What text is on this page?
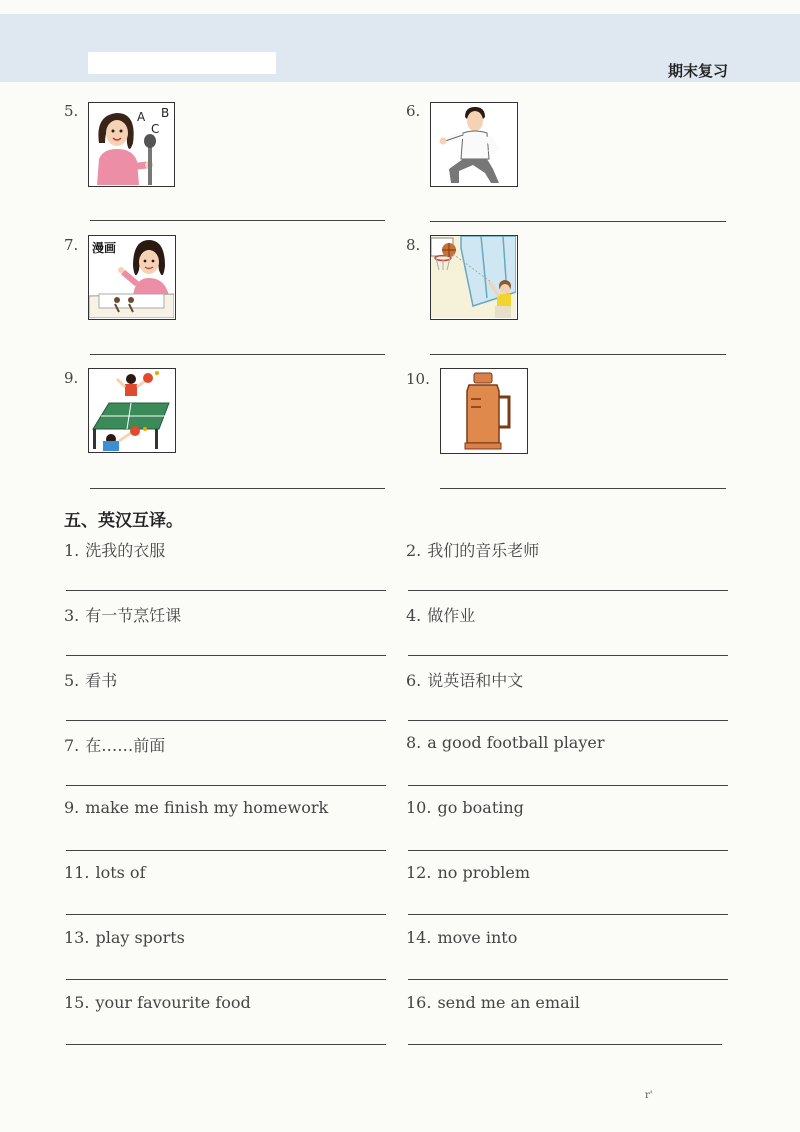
期末复习
5.	A B
C
6.
7. 漫画	8.
9.	10.
五、英汉互译。
1. 洗我的衣服	2. 我们的音乐老师
3. 有一节烹饪课	4. 做作业
5. 看书	6. 说英语和中文
7. 在……前面	8. a good football player
9. make me finish my homework	10. go boating
11. lots of	12. no problem
13. play sports	14. move into
15. your favourite food	16. send me an email
r'
